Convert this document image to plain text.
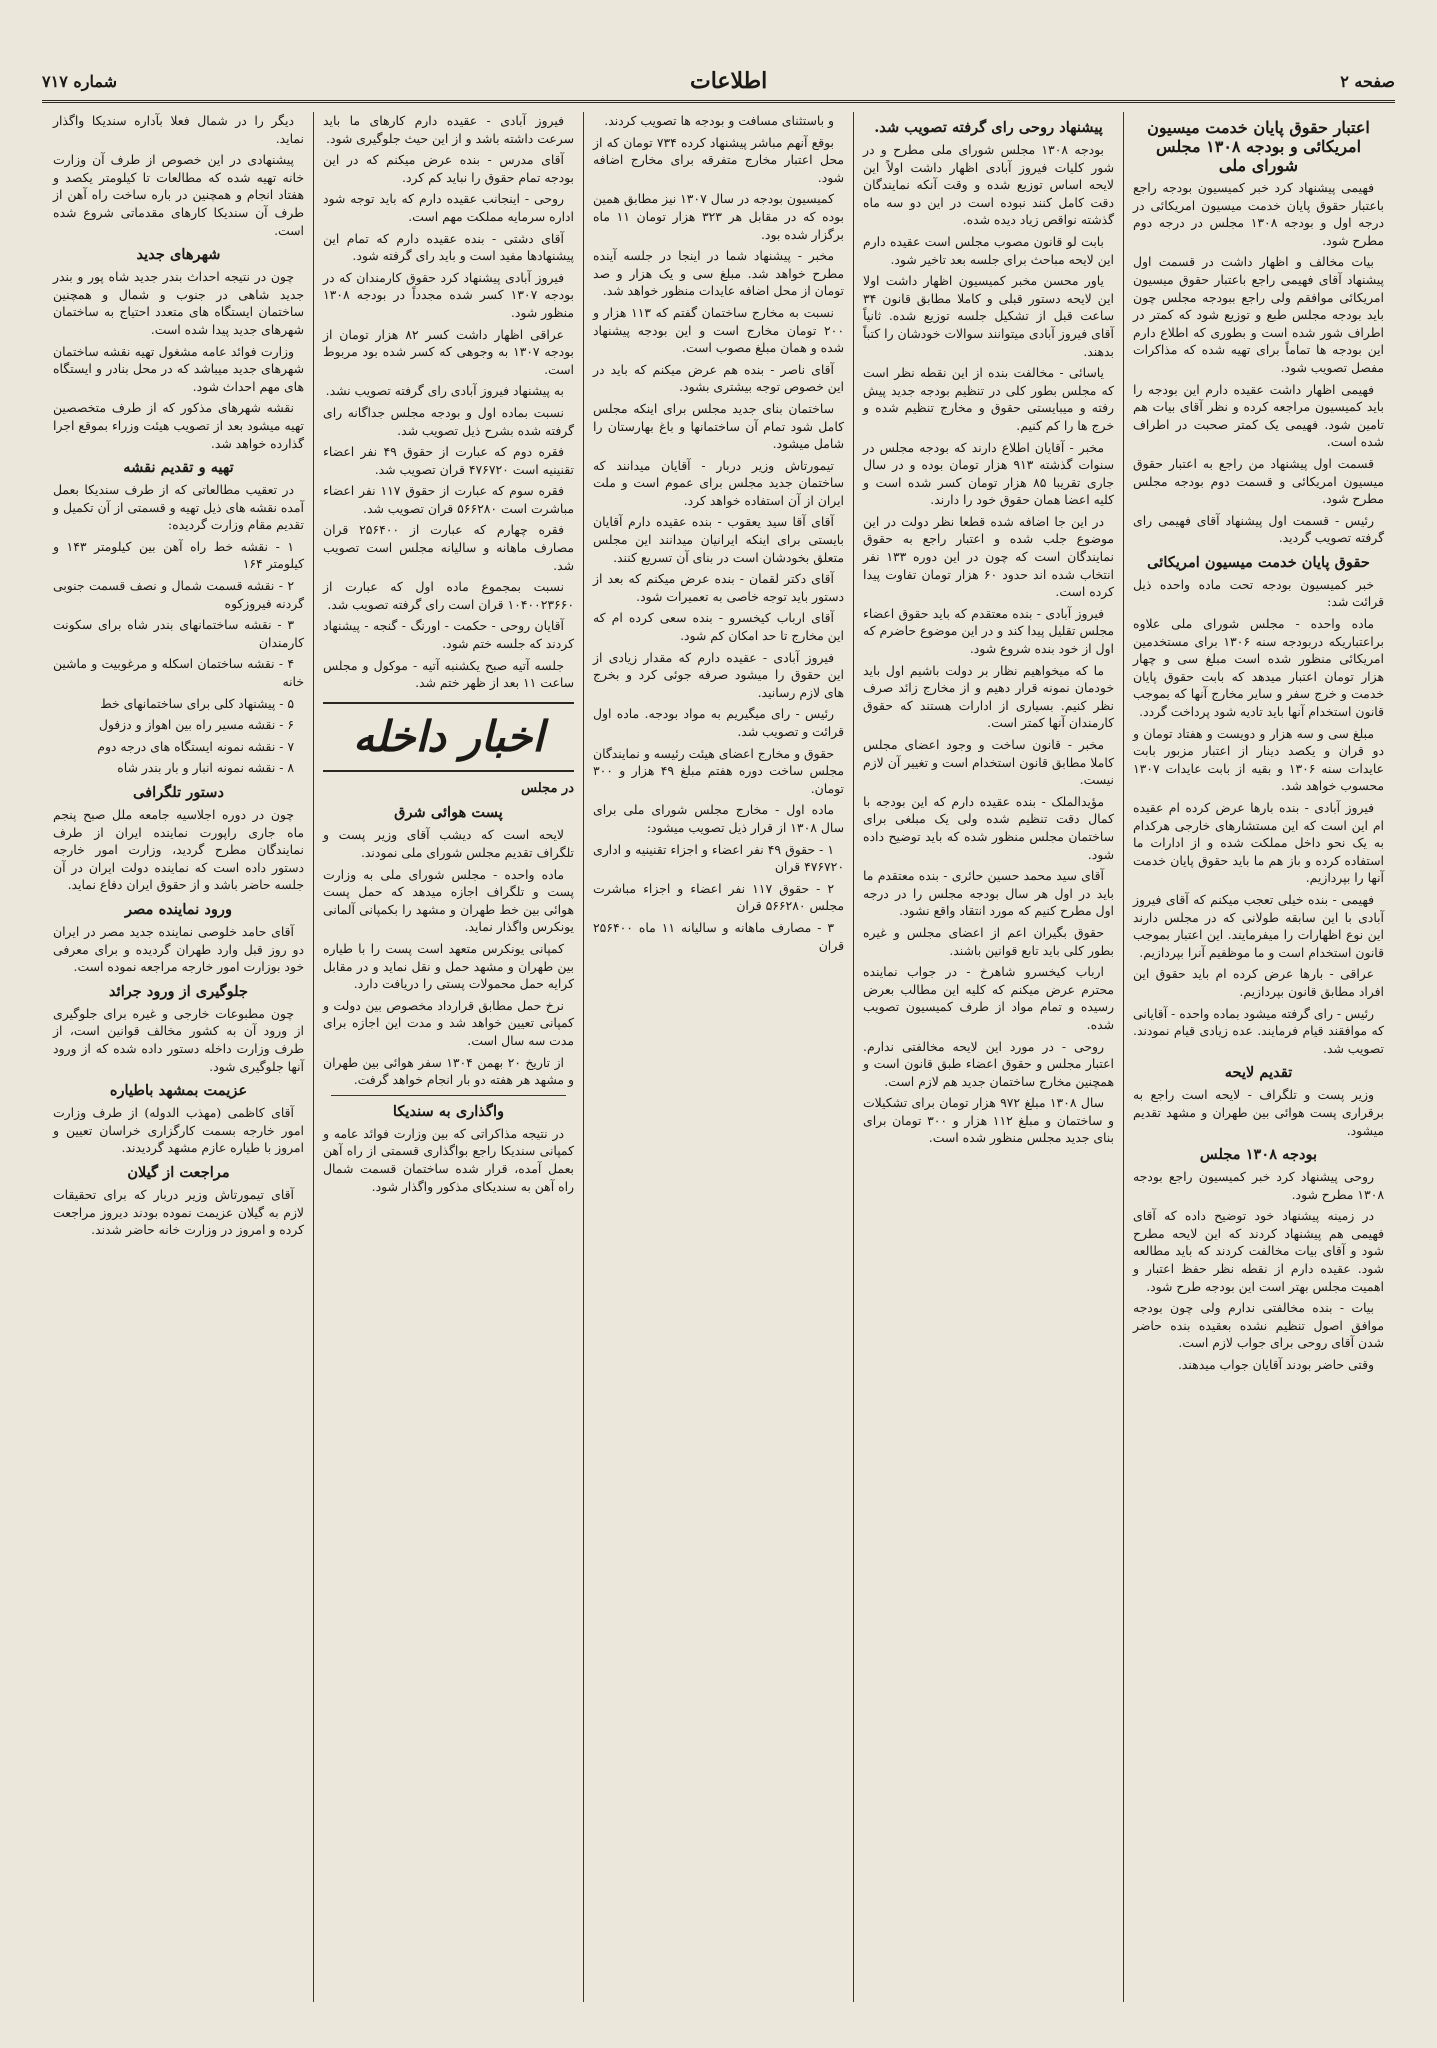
صفحه ۲
اطلاعات
شماره ۷۱۷
اعتبار حقوق پایان خدمت میسیون امریکائی و بودجه ۱۳۰۸ مجلس شورای ملی

فهیمی پیشنهاد کرد خبر کمیسیون بودجه راجع باعتبار حقوق پایان خدمت میسیون امریکائی در درجه اول و بودجه ۱۳۰۸ مجلس در درجه دوم مطرح شود.

بیات مخالف و اظهار داشت در قسمت اول پیشنهاد آقای فهیمی راجع باعتبار حقوق میسیون امریکائی موافقم ولی راجع ببودجه مجلس چون باید بودجه مجلس طبع و توزیع شود که کمتر در اطراف شور شده است و بطوری که اطلاع دارم این بودجه ها تماماً برای تهیه شده که مذاکرات مفصل تصویب شود.

فهیمی اظهار داشت عقیده دارم این بودجه را باید کمیسیون مراجعه کرده و نظر آقای بیات هم تامین شود. فهیمی یک کمتر صحبت در اطراف شده است.

قسمت اول پیشنهاد من راجع به اعتبار حقوق میسیون امریکائی و قسمت دوم بودجه مجلس مطرح شود.

رئیس - قسمت اول پیشنهاد آقای فهیمی رای گرفته تصویب گردید.

حقوق پایان خدمت میسیون امریکائی

خبر کمیسیون بودجه تحت ماده واحده ذیل قرائت شد:

ماده واحده - مجلس شورای ملی علاوه براعتباریکه دربودجه سنه ۱۳۰۶ برای مستخدمین امریکائی منظور شده است مبلغ سی و چهار هزار تومان اعتبار میدهد که بابت حقوق پایان خدمت و خرج سفر و سایر مخارج آنها که بموجب قانون استخدام آنها باید تادیه شود پرداخت گردد.

مبلغ سی و سه هزار و دویست و هفتاد تومان و دو قران و یکصد دینار از اعتبار مزبور بابت عایدات سنه ۱۳۰۶ و بقیه از بابت عایدات ۱۳۰۷ محسوب خواهد شد.

فیروز آبادی - بنده بارها عرض کرده ام عقیده ام این است که این مستشارهای خارجی هرکدام به یک نحو داخل مملکت شده و از ادارات ما استفاده کرده و باز هم ما باید حقوق پایان خدمت آنها را بپردازیم.

فهیمی - بنده خیلی تعجب میکنم که آقای فیروز آبادی با این سابقه طولانی که در مجلس دارند این نوع اظهارات را میفرمایند. این اعتبار بموجب قانون استخدام است و ما موظفیم آنرا بپردازیم.

عراقی - بارها عرض کرده ام باید حقوق این افراد مطابق قانون بپردازیم.

رئیس - رای گرفته میشود بماده واحده - آقایانی که موافقند قیام فرمایند. عده زیادی قیام نمودند. تصویب شد.

تقدیم لایحه

وزیر پست و تلگراف - لایحه است راجع به برقراری پست هوائی بین طهران و مشهد تقدیم میشود.

بودجه ۱۳۰۸ مجلس

روحی پیشنهاد کرد خبر کمیسیون راجع بودجه ۱۳۰۸ مطرح شود.

در زمینه پیشنهاد خود توضیح داده که آقای فهیمی هم پیشنهاد کردند که این لایحه مطرح شود و آقای بیات مخالفت کردند که باید مطالعه شود. عقیده دارم از نقطه نظر حفظ اعتبار و اهمیت مجلس بهتر است این بودجه طرح شود.

بیات - بنده مخالفتی ندارم ولی چون بودجه موافق اصول تنظیم نشده بعقیده بنده حاضر شدن آقای روحی برای جواب لازم است.

وقتی حاضر بودند آقایان جواب میدهند.

پیشنهاد روحی رای گرفته تصویب شد.

بودجه ۱۳۰۸ مجلس شورای ملی مطرح و در شور کلیات فیروز آبادی اظهار داشت اولاً این لایحه اساس توزیع شده و وقت آنکه نمایندگان دقت کامل کنند نبوده است در این دو سه ماه گذشته نواقص زیاد دیده شده.

بابت لو قانون مصوب مجلس است عقیده دارم این لایحه مباحث برای جلسه بعد تاخیر شود.

یاور محسن مخبر کمیسیون اظهار داشت اولا این لایحه دستور قبلی و کاملا مطابق قانون ۳۴ ساعت قبل از تشکیل جلسه توزیع شده. ثانیاً آقای فیروز آبادی میتوانند سوالات خودشان را کتباً بدهند.

یاسائی - مخالفت بنده از این نقطه نظر است که مجلس بطور کلی در تنظیم بودجه جدید پیش رفته و میبایستی حقوق و مخارج تنظیم شده و خرج ها را کم کنیم.

مخبر - آقایان اطلاع دارند که بودجه مجلس در سنوات گذشته ۹۱۳ هزار تومان بوده و در سال جاری تقریبا ۸۵ هزار تومان کسر شده است و کلیه اعضا همان حقوق خود را دارند.

در این جا اضافه شده قطعا نظر دولت در این موضوع جلب شده و اعتبار راجع به حقوق نمایندگان است که چون در این دوره ۱۳۳ نفر انتخاب شده اند حدود ۶۰ هزار تومان تفاوت پیدا کرده است.

فیروز آبادی - بنده معتقدم که باید حقوق اعضاء مجلس تقلیل پیدا کند و در این موضوع حاضرم که اول از خود بنده شروع شود.

ما که میخواهیم نظار بر دولت باشیم اول باید خودمان نمونه قرار دهیم و از مخارج زائد صرف نظر کنیم. بسیاری از ادارات هستند که حقوق کارمندان آنها کمتر است.

مخبر - قانون ساخت و وجود اعضای مجلس کاملا مطابق قانون استخدام است و تغییر آن لازم نیست.

مؤیدالملک - بنده عقیده دارم که این بودجه با کمال دقت تنظیم شده ولی یک مبلغی برای ساختمان مجلس منظور شده که باید توضیح داده شود.

آقای سید محمد حسین حائری - بنده معتقدم ما باید در اول هر سال بودجه مجلس را در درجه اول مطرح کنیم که مورد انتقاد واقع نشود.

حقوق بگیران اعم از اعضای مجلس و غیره بطور کلی باید تابع قوانین باشند.

ارباب کیخسرو شاهرخ - در جواب نماینده محترم عرض میکنم که کلیه این مطالب بعرض رسیده و تمام مواد از طرف کمیسیون تصویب شده.

روحی - در مورد این لایحه مخالفتی ندارم. اعتبار مجلس و حقوق اعضاء طبق قانون است و همچنین مخارج ساختمان جدید هم لازم است.

سال ۱۳۰۸ مبلغ ۹۷۲ هزار تومان برای تشکیلات و ساختمان و مبلغ ۱۱۲ هزار و ۳۰۰ تومان برای بنای جدید مجلس منظور شده است.

و باستثنای مسافت و بودجه ها تصویب کردند.

بوقع آنهم مباشر پیشنهاد کرده ۷۳۴ تومان که از محل اعتبار مخارج متفرقه برای مخارج اضافه شود.

کمیسیون بودجه در سال ۱۳۰۷ نیز مطابق همین بوده که در مقابل هر ۳۲۳ هزار تومان ۱۱ ماه برگزار شده بود.

مخبر - پیشنهاد شما در اینجا در جلسه آینده مطرح خواهد شد. مبلغ سی و یک هزار و صد تومان از محل اضافه عایدات منظور خواهد شد.

نسبت به مخارج ساختمان گفتم که ۱۱۳ هزار و ۲۰۰ تومان مخارج است و این بودجه پیشنهاد شده و همان مبلغ مصوب است.

آقای ناصر - بنده هم عرض میکنم که باید در این خصوص توجه بیشتری بشود.

ساختمان بنای جدید مجلس برای اینکه مجلس کامل شود تمام آن ساختمانها و باغ بهارستان را شامل میشود.

تیمورتاش وزیر دربار - آقایان میدانند که ساختمان جدید مجلس برای عموم است و ملت ایران از آن استفاده خواهد کرد.

آقای آقا سید یعقوب - بنده عقیده دارم آقایان بایستی برای اینکه ایرانیان میدانند این مجلس متعلق بخودشان است در بنای آن تسریع کنند.

آقای دکتر لقمان - بنده عرض میکنم که بعد از دستور باید توجه خاصی به تعمیرات شود.

آقای ارباب کیخسرو - بنده سعی کرده ام که این مخارج تا حد امکان کم شود.

فیروز آبادی - عقیده دارم که مقدار زیادی از این حقوق را میشود صرفه جوئی کرد و بخرج های لازم رسانید.

رئیس - رای میگیریم به مواد بودجه. ماده اول قرائت و تصویب شد.

حقوق و مخارج اعضای هیئت رئیسه و نمایندگان مجلس ساخت دوره هفتم مبلغ ۴۹ هزار و ۳۰۰ تومان.

ماده اول - مخارج مجلس شورای ملی برای سال ۱۳۰۸ از قرار ذیل تصویب میشود:

۱ - حقوق ۴۹ نفر اعضاء و اجزاء تقنینیه و اداری ۴۷۶۷۲۰ قران

۲ - حقوق ۱۱۷ نفر اعضاء و اجزاء مباشرت مجلس ۵۶۶۲۸۰ قران

۳ - مصارف ماهانه و سالیانه ۱۱ ماه ۲۵۶۴۰۰ قران

فیروز آبادی - عقیده دارم کارهای ما باید سرعت داشته باشد و از این حیث جلوگیری شود.

آقای مدرس - بنده عرض میکنم که در این بودجه تمام حقوق را نباید کم کرد.

روحی - اینجانب عقیده دارم که باید توجه شود اداره سرمایه مملکت مهم است.

آقای دشتی - بنده عقیده دارم که تمام این پیشنهادها مفید است و باید رای گرفته شود.

فیروز آبادی پیشنهاد کرد حقوق کارمندان که در بودجه ۱۳۰۷ کسر شده مجدداً در بودجه ۱۳۰۸ منظور شود.

عراقی اظهار داشت کسر ۸۲ هزار تومان از بودجه ۱۳۰۷ به وجوهی که کسر شده بود مربوط است.

به پیشنهاد فیروز آبادی رای گرفته تصویب نشد.

نسبت بماده اول و بودجه مجلس جداگانه رای گرفته شده بشرح ذیل تصویب شد.

فقره دوم که عبارت از حقوق ۴۹ نفر اعضاء تقنینیه است ۴۷۶۷۲۰ قران تصویب شد.

فقره سوم که عبارت از حقوق ۱۱۷ نفر اعضاء مباشرت است ۵۶۶۲۸۰ قران تصویب شد.

فقره چهارم که عبارت از ۲۵۶۴۰۰ قران مصارف ماهانه و سالیانه مجلس است تصویب شد.

نسبت بمجموع ماده اول که عبارت از ۱۰۴۰۰۲۳۶۶۰ قران است رای گرفته تصویب شد.

آقایان روحی - حکمت - اورنگ - گنجه - پیشنهاد کردند که جلسه ختم شود.

جلسه آتیه صبح یکشنبه آتیه - موکول و مجلس ساعت ۱۱ بعد از ظهر ختم شد.

اخبار داخله
در مجلس
پست هوائی شرق

لایحه است که دیشب آقای وزیر پست و تلگراف تقدیم مجلس شورای ملی نمودند.

ماده واحده - مجلس شورای ملی به وزارت پست و تلگراف اجازه میدهد که حمل پست هوائی بین خط طهران و مشهد را بکمپانی آلمانی یونکرس واگذار نماید.

کمپانی یونکرس متعهد است پست را با طیاره بین طهران و مشهد حمل و نقل نماید و در مقابل کرایه حمل محمولات پستی را دریافت دارد.

نرخ حمل مطابق قرارداد مخصوص بین دولت و کمپانی تعیین خواهد شد و مدت این اجازه برای مدت سه سال است.

از تاریخ ۲۰ بهمن ۱۳۰۴ سفر هوائی بین طهران و مشهد هر هفته دو بار انجام خواهد گرفت.

واگذاری به سندیکا

در نتیجه مذاکراتی که بین وزارت فوائد عامه و کمپانی سندیکا راجع بواگذاری قسمتی از راه آهن بعمل آمده، قرار شده ساختمان قسمت شمال راه آهن به سندیکای مذکور واگذار شود.

دیگر را در شمال فعلا بآداره سندیکا واگذار نماید.

پیشنهادی در این خصوص از طرف آن وزارت خانه تهیه شده که مطالعات تا کیلومتر یکصد و هفتاد انجام و همچنین در باره ساخت راه آهن از طرف آن سندیکا کارهای مقدماتی شروع شده است.

شهرهای جدید

چون در نتیجه احداث بندر جدید شاه پور و بندر جدید شاهی در جنوب و شمال و همچنین ساختمان ایستگاه های متعدد احتیاج به ساختمان شهرهای جدید پیدا شده است.

وزارت فوائد عامه مشغول تهیه نقشه ساختمان شهرهای جدید میباشد که در محل بنادر و ایستگاه های مهم احداث شود.

نقشه شهرهای مذکور که از طرف متخصصین تهیه میشود بعد از تصویب هیئت وزراء بموقع اجرا گذارده خواهد شد.

تهیه و تقدیم نقشه

در تعقیب مطالعاتی که از طرف سندیکا بعمل آمده نقشه های ذیل تهیه و قسمتی از آن تکمیل و تقدیم مقام وزارت گردیده:

۱ - نقشه خط راه آهن بین کیلومتر ۱۴۳ و کیلومتر ۱۶۴

۲ - نقشه قسمت شمال و نصف قسمت جنوبی گردنه فیروزکوه

۳ - نقشه ساختمانهای بندر شاه برای سکونت کارمندان

۴ - نقشه ساختمان اسکله و مرغوبیت و ماشین خانه

۵ - پیشنهاد کلی برای ساختمانهای خط

۶ - نقشه مسیر راه بین اهواز و دزفول

۷ - نقشه نمونه ایستگاه های درجه دوم

۸ - نقشه نمونه انبار و بار بندر شاه

دستور تلگرافی

چون در دوره اجلاسیه جامعه ملل صبح پنجم ماه جاری راپورت نماینده ایران از طرف نمایندگان مطرح گردید، وزارت امور خارجه دستور داده است که نماینده دولت ایران در آن جلسه حاضر باشد و از حقوق ایران دفاع نماید.

ورود نماینده مصر

آقای حامد خلوصی نماینده جدید مصر در ایران دو روز قبل وارد طهران گردیده و برای معرفی خود بوزارت امور خارجه مراجعه نموده است.

جلوگیری از ورود جرائد

چون مطبوعات خارجی و غیره برای جلوگیری از ورود آن به کشور مخالف قوانین است، از طرف وزارت داخله دستور داده شده که از ورود آنها جلوگیری شود.

عزیمت بمشهد باطیاره

آقای کاظمی (مهذب الدوله) از طرف وزارت امور خارجه بسمت کارگزاری خراسان تعیین و امروز با طیاره عازم مشهد گردیدند.

مراجعت از گیلان

آقای تیمورتاش وزیر دربار که برای تحقیقات لازم به گیلان عزیمت نموده بودند دیروز مراجعت کرده و امروز در وزارت خانه حاضر شدند.
